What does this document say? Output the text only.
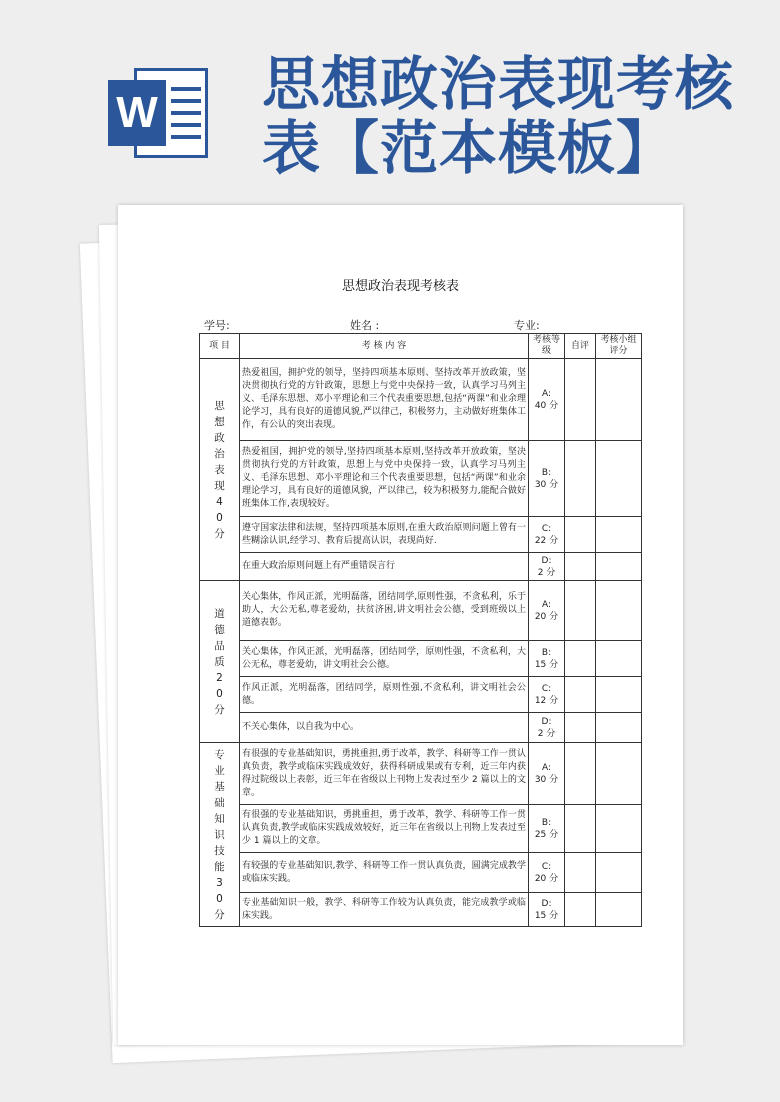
W 思想政治表现考核表【范本模板】
思想政治表现考核表
学号:	姓名 :	专业:
项 目	考 核 内 容	考核等级	自评	考核小组评分

思想政治表现40分	热爱祖国，拥护党的领导，坚持四项基本原则、坚持改革开放政策，坚决贯彻执行党的方针政策，思想上与党中央保持一致，认真学习马列主义、毛泽东思想、邓小平理论和三个代表重要思想,包括“两课”和业余理论学习，具有良好的道德风貌,严以律己，积极努力，主动做好班集体工作，有公认的突出表现。	A:
40 分		

	热爱祖国，拥护党的领导,坚持四项基本原则,坚持改革开放政策，坚决贯彻执行党的方针政策，思想上与党中央保持一致，认真学习马列主义、毛泽东思想、邓小平理论和三个代表重要思想，包括“两课”和业余理论学习，具有良好的道德风貌，严以律己，较为积极努力,能配合做好班集体工作,表现较好。	B:
30 分		

	遵守国家法律和法规，坚持四项基本原则,在重大政治原则问题上曾有一些糊涂认识,经学习、教育后提高认识，表现尚好.	C:
22 分		

	在重大政治原则问题上有严重错误言行	D:
2 分		

道德品质20分	关心集体，作风正派，光明磊落，团结同学,原则性强，不贪私利，乐于助人，大公无私,尊老爱幼，扶贫济困,讲文明社会公德，受到班级以上道德表彰。	A:
20 分		

	关心集体，作风正派，光明磊落，团结同学，原则性强，不贪私利，大公无私，尊老爱幼，讲文明社会公德。	B:
15 分		

	作风正派，光明磊落，团结同学，原则性强,不贪私利，讲文明社会公德。	C:
12 分		

	不关心集体，以自我为中心。	D:
2 分		

专业基础知识技能30分	有很强的专业基础知识，勇挑重担,勇于改革，教学、科研等工作一贯认真负责，教学或临床实践成效好，获得科研成果或有专利，近三年内获得过院级以上表彰，近三年在省级以上刊物上发表过至少 2 篇以上的文章。	A:
30 分		

	有很强的专业基础知识，勇挑重担，勇于改革，教学、科研等工作一贯认真负责,教学或临床实践成效较好，近三年在省级以上刊物上发表过至少 1 篇以上的文章。	B:
25 分		

	有较强的专业基础知识,教学、科研等工作一贯认真负责，圆满完成教学或临床实践。	C:
20 分		

	专业基础知识一般，教学、科研等工作较为认真负责，能完成教学或临床实践。	D:
15 分		
